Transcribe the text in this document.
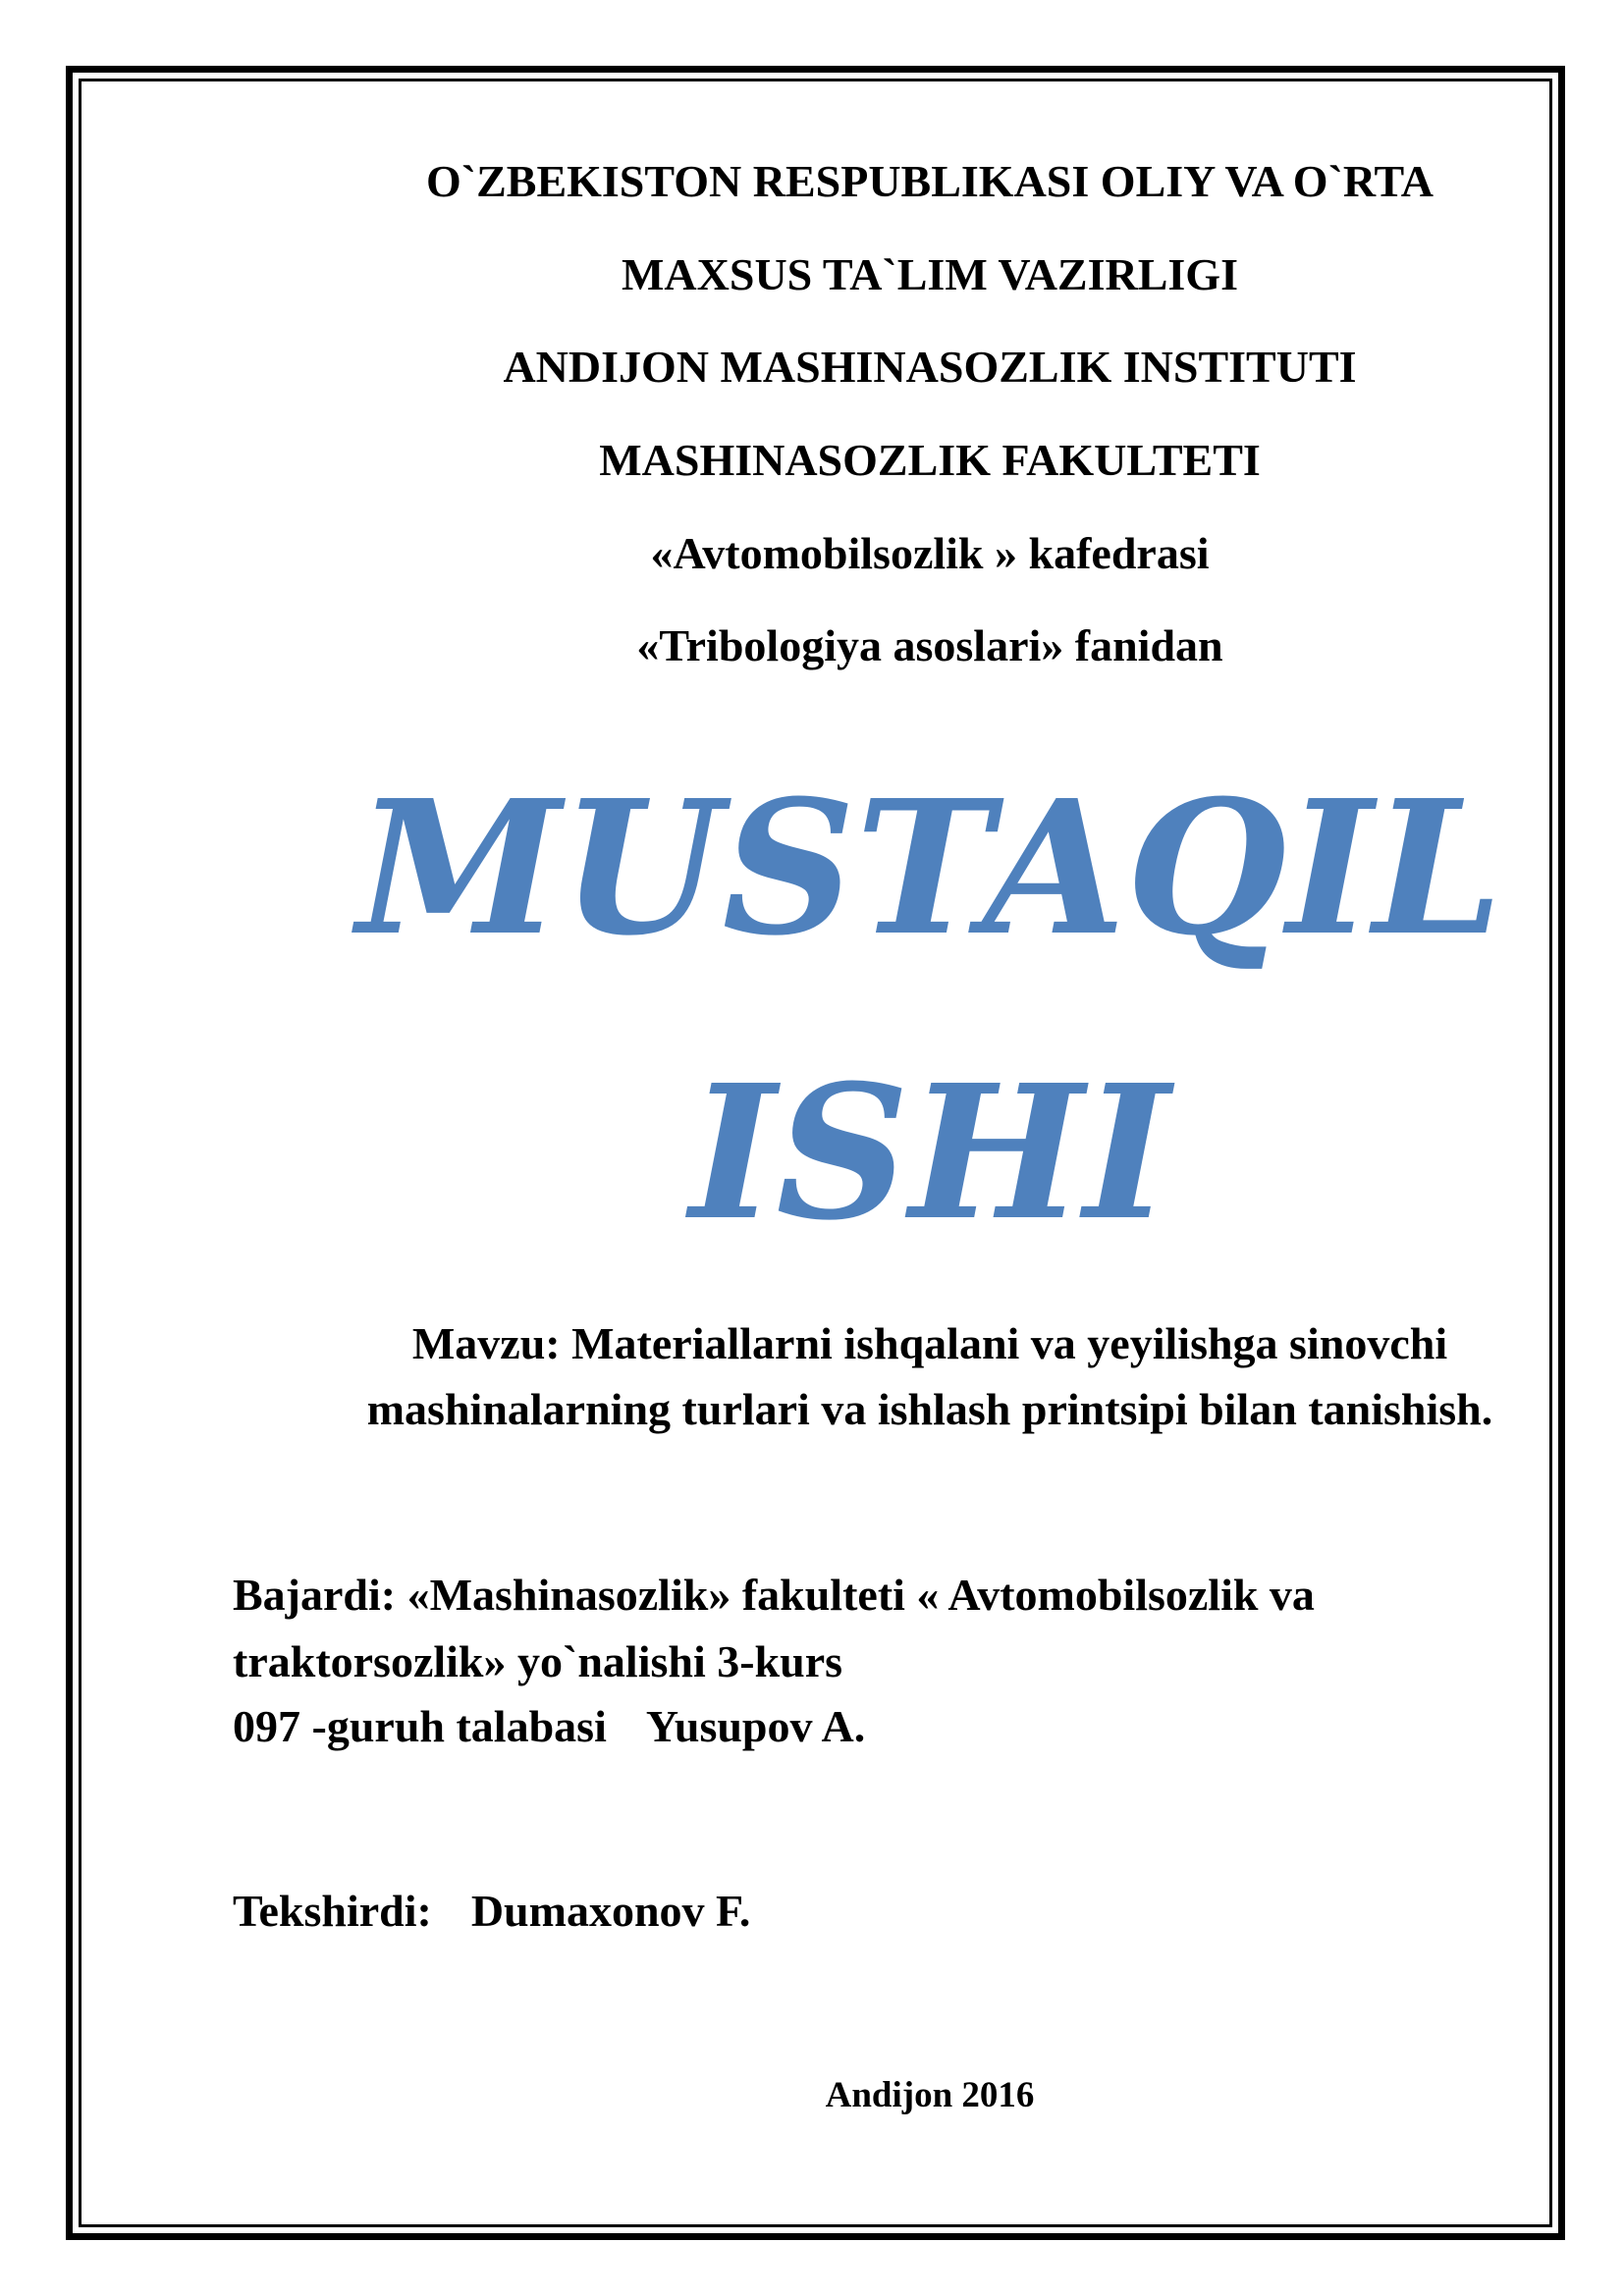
O`ZBEKISTON RESPUBLIKASI OLIY VA O`RTA
MAXSUS TA`LIM VAZIRLIGI
ANDIJON MASHINASOZLIK INSTITUTI
MASHINASOZLIK FAKULTETI
«Avtomobilsozlik » kafedrasi
«Tribologiya asoslari» fanidan
MUSTAQIL
ISHI
Mavzu: Materiallarni ishqalani va yeyilishga sinovchi
mashinalarning turlari va ishlash printsipi bilan tanishish.
Bajardi: «Mashinasozlik» fakulteti « Avtomobilsozlik va
traktorsozlik» yo`nalishi 3-kurs
097 -guruh talabasi Yusupov A.
Tekshirdi: Dumaxonov F.
Andijon 2016
